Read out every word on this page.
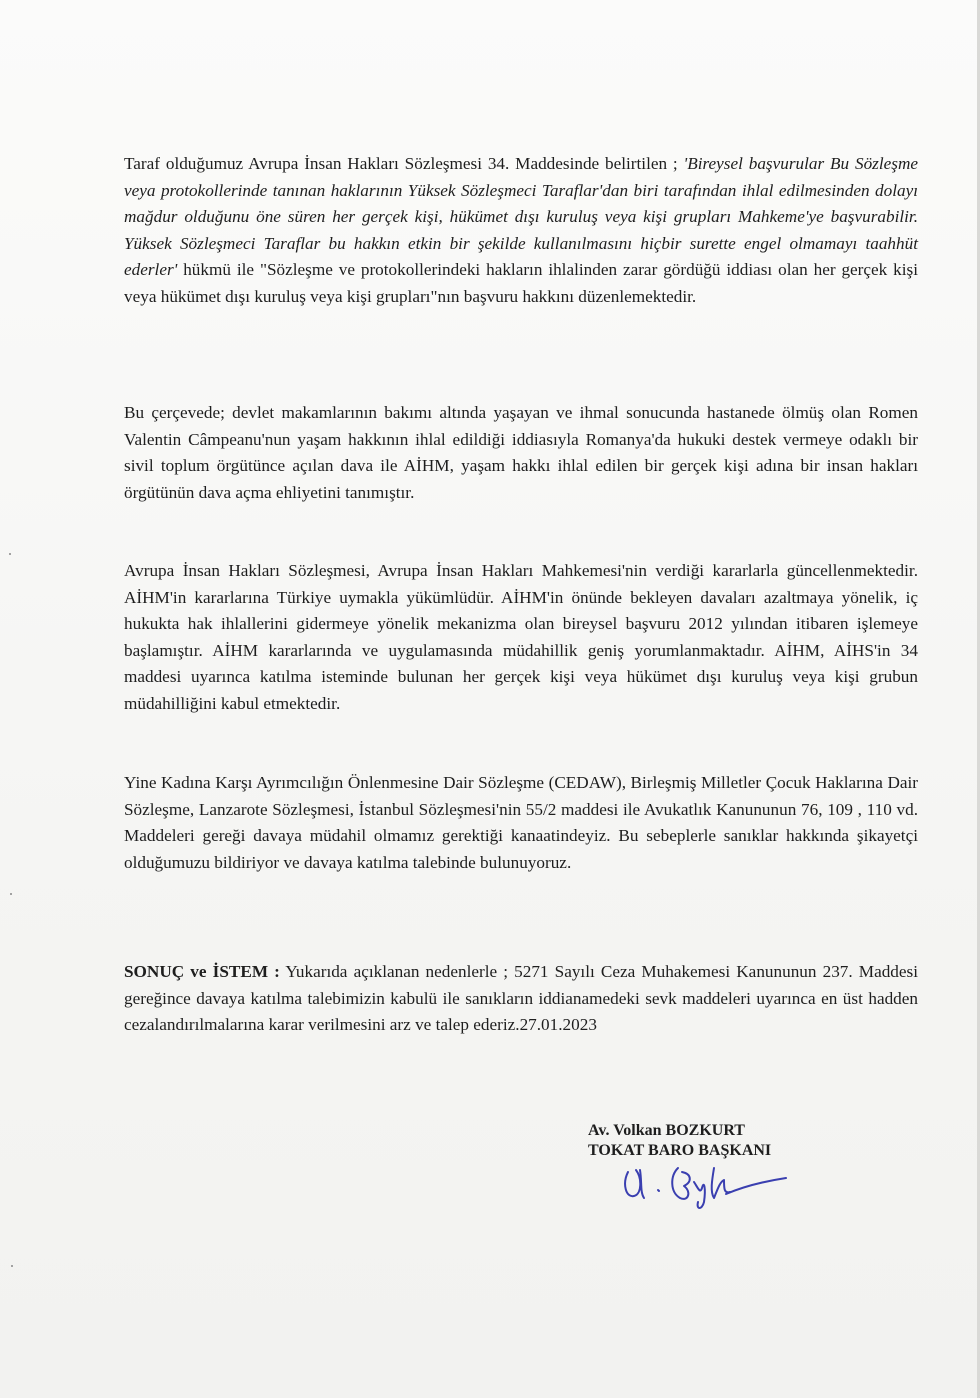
Taraf olduğumuz Avrupa İnsan Hakları Sözleşmesi 34. Maddesinde belirtilen ; 'Bireysel başvurular Bu Sözleşme veya protokollerinde tanınan haklarının Yüksek Sözleşmeci Taraflar'dan biri tarafından ihlal edilmesinden dolayı mağdur olduğunu öne süren her gerçek kişi, hükümet dışı kuruluş veya kişi grupları Mahkeme'ye başvurabilir. Yüksek Sözleşmeci Taraflar bu hakkın etkin bir şekilde kullanılmasını hiçbir surette engel olmamayı taahhüt ederler' hükmü ile "Sözleşme ve protokollerindeki hakların ihlalinden zarar gördüğü iddiası olan her gerçek kişi veya hükümet dışı kuruluş veya kişi grupları"nın başvuru hakkını düzenlemektedir.

Bu çerçevede; devlet makamlarının bakımı altında yaşayan ve ihmal sonucunda hastanede ölmüş olan Romen Valentin Câmpeanu'nun yaşam hakkının ihlal edildiği iddiasıyla Romanya'da hukuki destek vermeye odaklı bir sivil toplum örgütünce açılan dava ile AİHM, yaşam hakkı ihlal edilen bir gerçek kişi adına bir insan hakları örgütünün dava açma ehliyetini tanımıştır.

Avrupa İnsan Hakları Sözleşmesi, Avrupa İnsan Hakları Mahkemesi'nin verdiği kararlarla güncellenmektedir. AİHM'in kararlarına Türkiye uymakla yükümlüdür. AİHM'in önünde bekleyen davaları azaltmaya yönelik, iç hukukta hak ihlallerini gidermeye yönelik mekanizma olan bireysel başvuru 2012 yılından itibaren işlemeye başlamıştır. AİHM kararlarında ve uygulamasında müdahillik geniş yorumlanmaktadır. AİHM, AİHS'in 34 maddesi uyarınca katılma isteminde bulunan her gerçek kişi veya hükümet dışı kuruluş veya kişi grubun müdahilliğini kabul etmektedir.

Yine Kadına Karşı Ayrımcılığın Önlenmesine Dair Sözleşme (CEDAW), Birleşmiş Milletler Çocuk Haklarına Dair Sözleşme, Lanzarote Sözleşmesi, İstanbul Sözleşmesi'nin 55/2 maddesi ile Avukatlık Kanununun 76, 109 , 110 vd. Maddeleri gereği davaya müdahil olmamız gerektiği kanaatindeyiz. Bu sebeplerle sanıklar hakkında şikayetçi olduğumuzu bildiriyor ve davaya katılma talebinde bulunuyoruz.

SONUÇ ve İSTEM : Yukarıda açıklanan nedenlerle ; 5271 Sayılı Ceza Muhakemesi Kanununun 237. Maddesi gereğince davaya katılma talebimizin kabulü ile sanıkların iddianamedeki sevk maddeleri uyarınca en üst hadden cezalandırılmalarına karar verilmesini arz ve talep ederiz.27.01.2023

Av. Volkan BOZKURT
TOKAT BARO BAŞKANI
